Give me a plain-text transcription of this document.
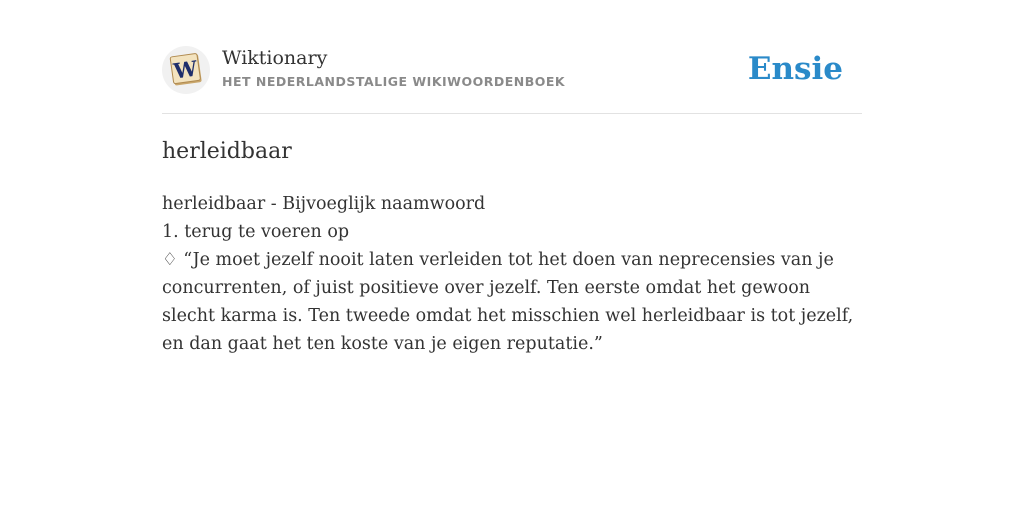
W Wiktionary
HET NEDERLANDSTALIGE WIKIWOORDENBOEK	Ensie
herleidbaar
herleidbaar - Bijvoeglijk naamwoord
1. terug te voeren op
♢ “Je moet jezelf nooit laten verleiden tot het doen van neprecensies van je concurrenten, of juist positieve over jezelf. Ten eerste omdat het gewoon slecht karma is. Ten tweede omdat het misschien wel herleidbaar is tot jezelf, en dan gaat het ten koste van je eigen reputatie.”
